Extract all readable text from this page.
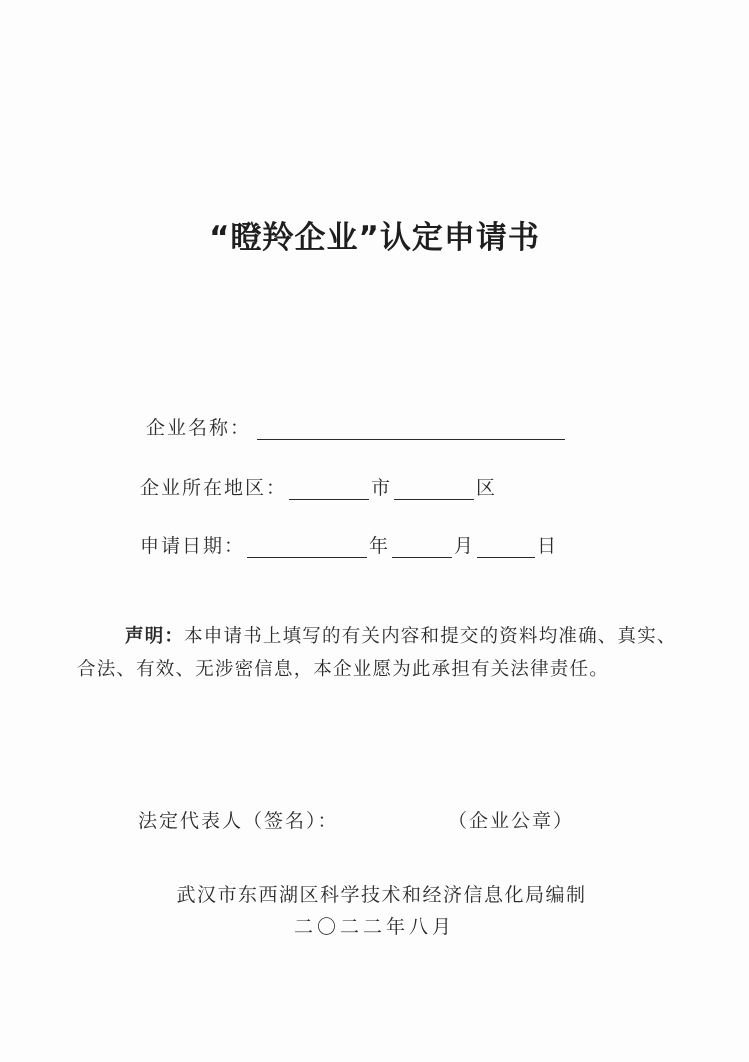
“瞪羚企业”认定申请书
企业名称：
企业所在地区：	市	区
申请日期：	年	月	日
声明：本申请书上填写的有关内容和提交的资料均准确、真实、合法、有效、无涉密信息，本企业愿为此承担有关法律责任。
法定代表人（签名）：	（企业公章）
武汉市东西湖区科学技术和经济信息化局编制
二〇二二年八月
